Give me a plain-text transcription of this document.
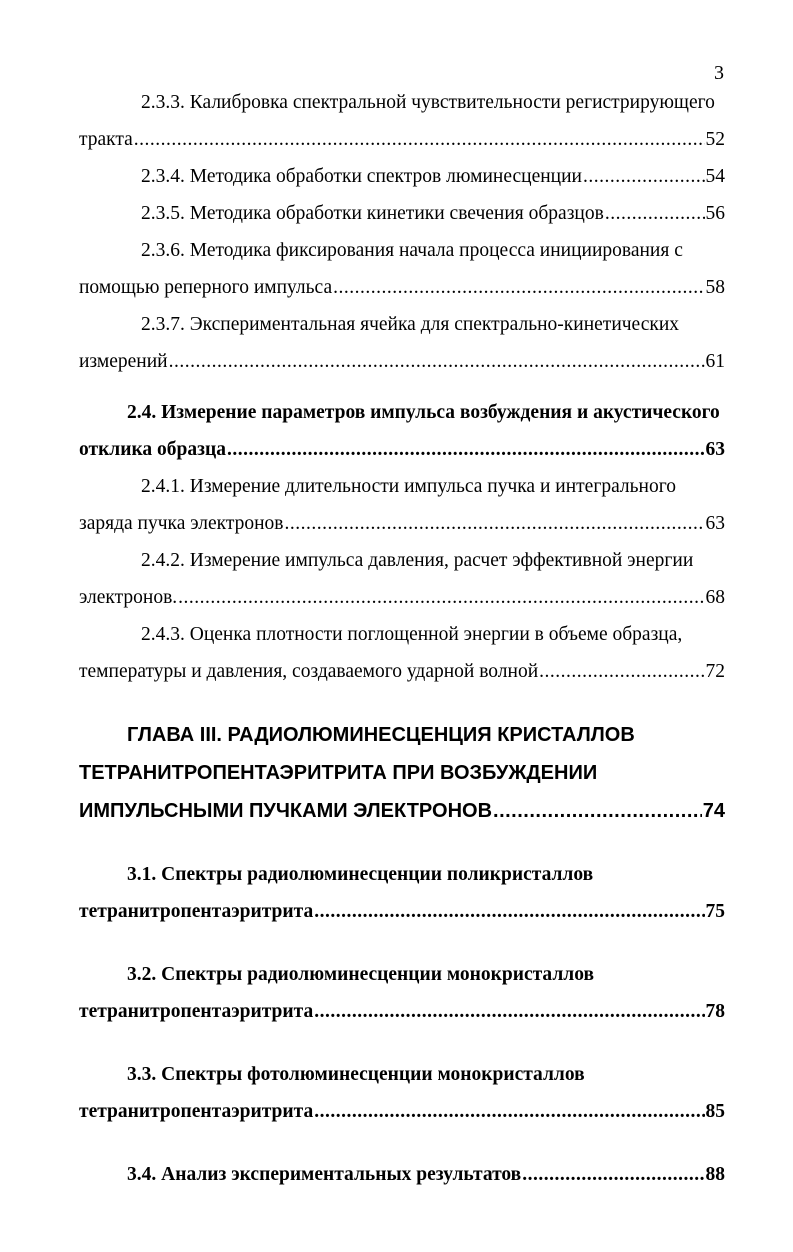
3
2.3.3. Калибровка спектральной чувствительности регистрирующего
тракта .....	52
2.3.4. Методика обработки спектров люминесценции .....	54
2.3.5. Методика обработки кинетики свечения образцов .....	56
2.3.6. Методика фиксирования начала процесса инициирования с
помощью реперного импульса .....	58
2.3.7. Экспериментальная ячейка для спектрально-кинетических
измерений .....	61
2.4. Измерение параметров импульса возбуждения и акустического
отклика образца .....	63
2.4.1. Измерение длительности импульса пучка и интегрального
заряда пучка электронов .....	63
2.4.2. Измерение импульса давления, расчет эффективной энергии
электронов. .....	68
2.4.3. Оценка плотности поглощенной энергии в объеме образца,
температуры и давления, создаваемого ударной волной .....	72
ГЛАВА III. РАДИОЛЮМИНЕСЦЕНЦИЯ КРИСТАЛЛОВ
ТЕТРАНИТРОПЕНТАЭРИТРИТА ПРИ ВОЗБУЖДЕНИИ
ИМПУЛЬСНЫМИ ПУЧКАМИ ЭЛЕКТРОНОВ .....	74
3.1. Спектры радиолюминесценции поликристаллов
тетранитропентаэритрита .....	75
3.2. Спектры радиолюминесценции монокристаллов
тетранитропентаэритрита .....	78
3.3. Спектры фотолюминесценции монокристаллов
тетранитропентаэритрита .....	85
3.4. Анализ экспериментальных результатов .....	88
